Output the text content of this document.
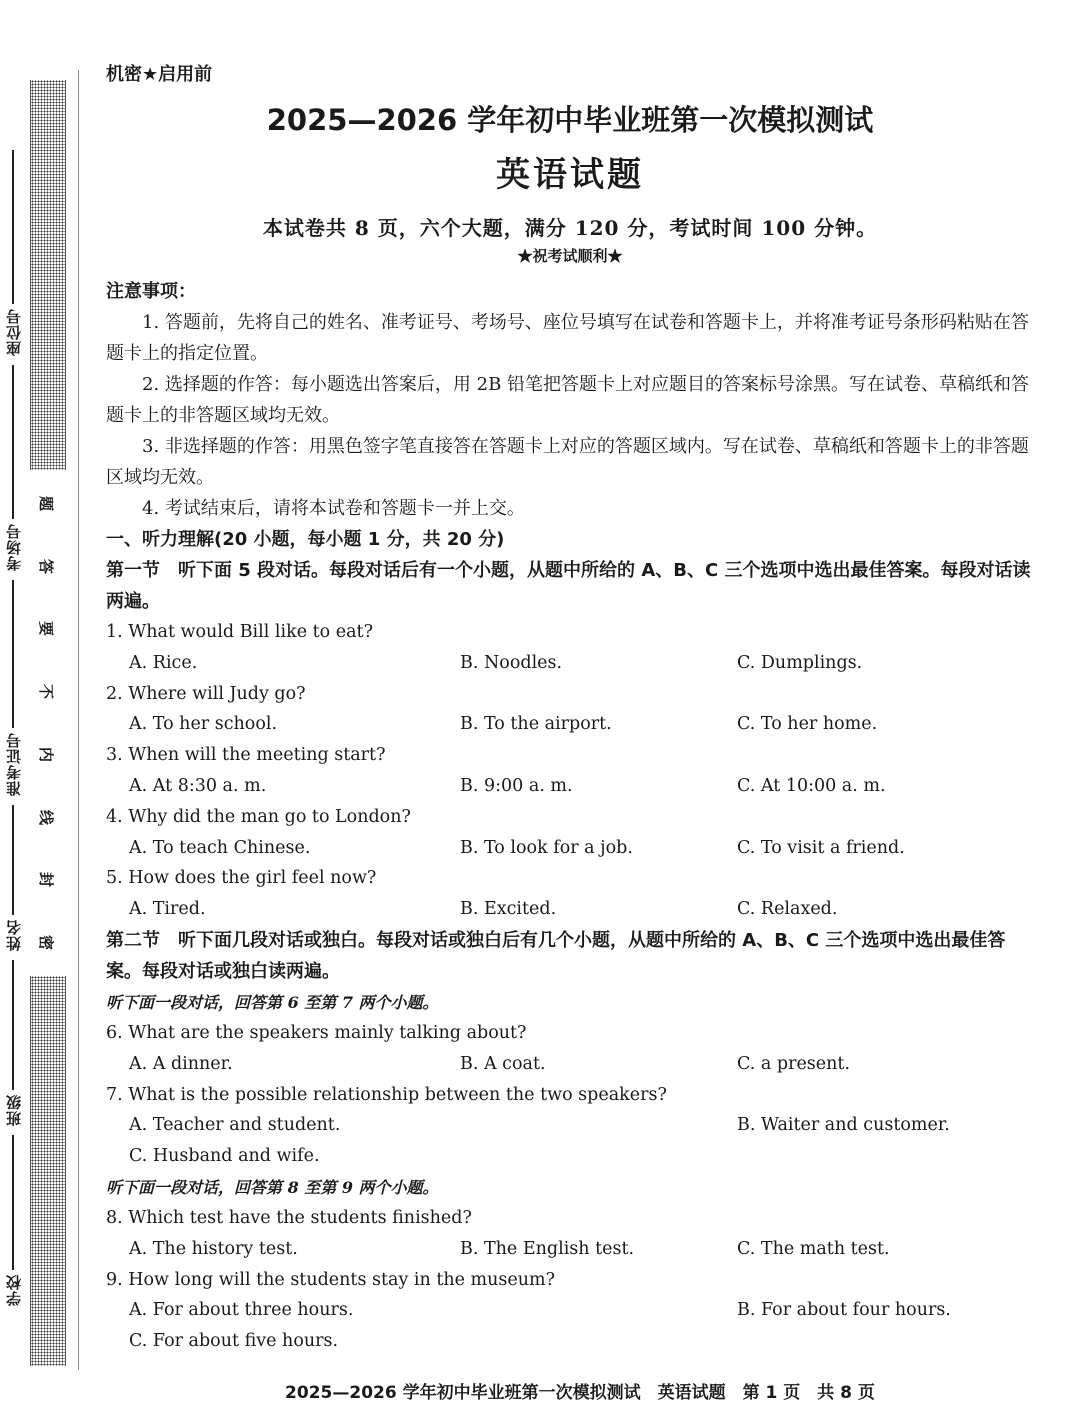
座位号
考场号
准考证号
姓名
班级
学校
题
答
要
不
内
线
封
密
机密★启用前
2025—2026 学年初中毕业班第一次模拟测试
英语试题
本试卷共 8 页，六个大题，满分 120 分，考试时间 100 分钟。
★祝考试顺利★

注意事项：

1. 答题前，先将自己的姓名、准考证号、考场号、座位号填写在试卷和答题卡上，并将准考证号条形码粘贴在答题卡上的指定位置。

2. 选择题的作答：每小题选出答案后，用 2B 铅笔把答题卡上对应题目的答案标号涂黑。写在试卷、草稿纸和答题卡上的非答题区域均无效。

3. 非选择题的作答：用黑色签字笔直接答在答题卡上对应的答题区域内。写在试卷、草稿纸和答题卡上的非答题区域均无效。

4. 考试结束后，请将本试卷和答题卡一并上交。

一、听力理解(20 小题，每小题 1 分，共 20 分)

第一节　听下面 5 段对话。每段对话后有一个小题，从题中所给的 A、B、C 三个选项中选出最佳答案。每段对话读两遍。

1. What would Bill like to eat?

A. Rice.	B. Noodles.	C. Dumplings.

2. Where will Judy go?

A. To her school.	B. To the airport.	C. To her home.

3. When will the meeting start?

A. At 8:30 a. m.	B. 9:00 a. m.	C. At 10:00 a. m.

4. Why did the man go to London?

A. To teach Chinese.	B. To look for a job.	C. To visit a friend.

5. How does the girl feel now?

A. Tired.	B. Excited.	C. Relaxed.

第二节　听下面几段对话或独白。每段对话或独白后有几个小题，从题中所给的 A、B、C 三个选项中选出最佳答案。每段对话或独白读两遍。

听下面一段对话，回答第 6 至第 7 两个小题。

6. What are the speakers mainly talking about?

A. A dinner.	B. A coat.	C. a present.

7. What is the possible relationship between the two speakers?

A. Teacher and student.	B. Waiter and customer.
C. Husband and wife.

听下面一段对话，回答第 8 至第 9 两个小题。

8. Which test have the students finished?

A. The history test.	B. The English test.	C. The math test.

9. How long will the students stay in the museum?

A. For about three hours.	B. For about four hours.
C. For about five hours.
2025—2026 学年初中毕业班第一次模拟测试　英语试题　第 1 页　共 8 页
